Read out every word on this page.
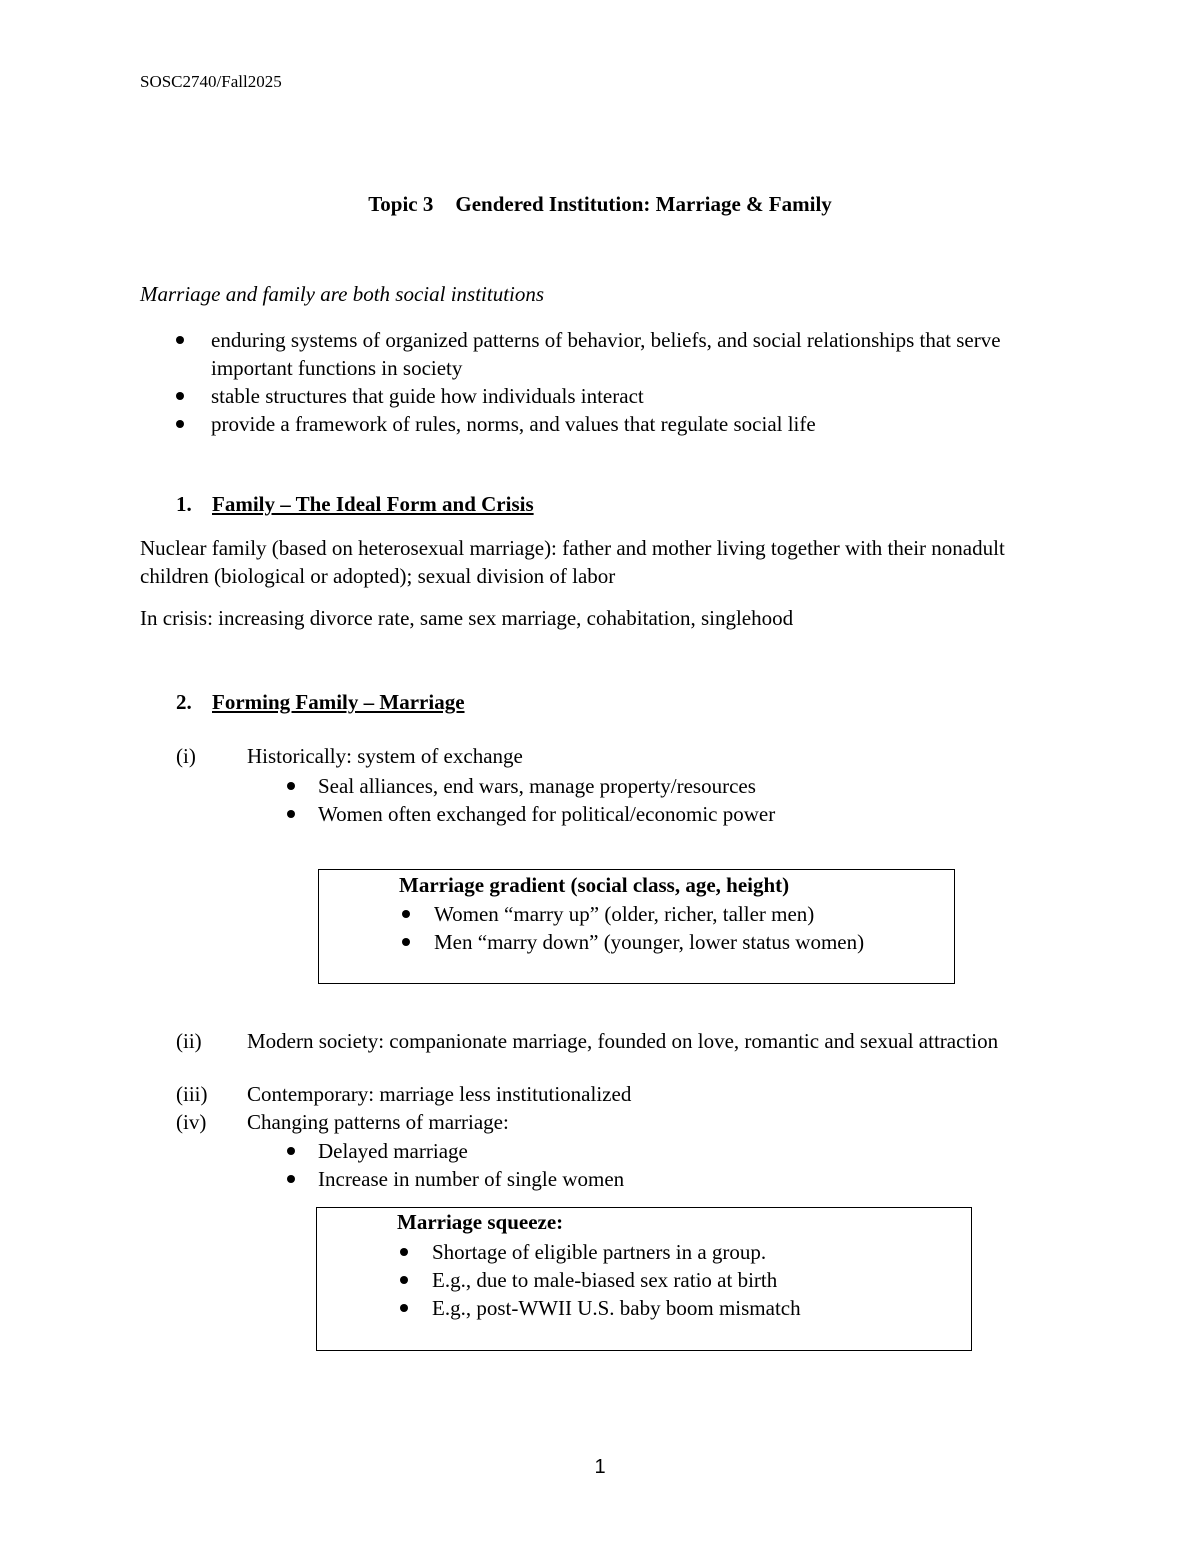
SOSC2740/Fall2025
Topic 3 Gendered Institution: Marriage & Family
Marriage and family are both social institutions
enduring systems of organized patterns of behavior, beliefs, and social relationships that serve important functions in society
stable structures that guide how individuals interact
provide a framework of rules, norms, and values that regulate social life
1. Family – The Ideal Form and Crisis
Nuclear family (based on heterosexual marriage): father and mother living together with their nonadult children (biological or adopted); sexual division of labor
In crisis: increasing divorce rate, same sex marriage, cohabitation, singlehood
2. Forming Family – Marriage
(i) Historically: system of exchange
Seal alliances, end wars, manage property/resources
Women often exchanged for political/economic power
Marriage gradient (social class, age, height)
Women “marry up” (older, richer, taller men)
Men “marry down” (younger, lower status women)
(ii) Modern society: companionate marriage, founded on love, romantic and sexual attraction
(iii) Contemporary: marriage less institutionalized
(iv) Changing patterns of marriage:
Delayed marriage
Increase in number of single women
Marriage squeeze:
Shortage of eligible partners in a group.
E.g., due to male-biased sex ratio at birth
E.g., post-WWII U.S. baby boom mismatch
1
